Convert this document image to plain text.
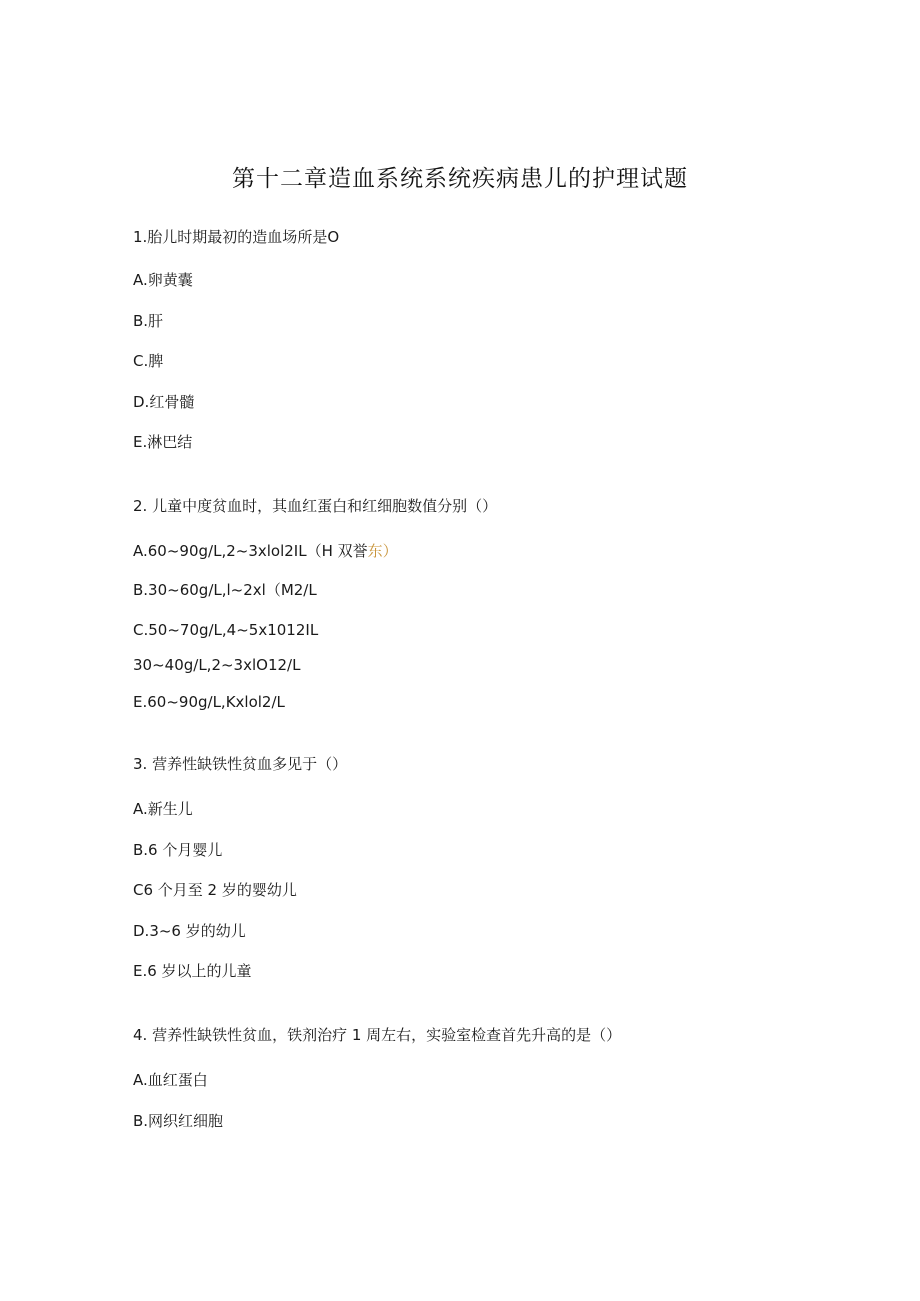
第十二章造血系统系统疾病患儿的护理试题
1.胎儿时期最初的造血场所是O
A.卵黄囊
B.肝
C.脾
D.红骨髓
E.淋巴结
2. 儿童中度贫血时，其血红蛋白和红细胞数值分别（）
A.60~90g∕L,2~3xlol2IL（H 双誉东）
B.30~60g∕L,l~2xl（M2∕L
C.50~70g∕L,4~5x1012IL
30~40g∕L,2~3xlO12∕L
E.60~90g∕L,Kxlol2∕L
3. 营养性缺铁性贫血多见于（）
A.新生儿
B.6 个月婴儿
C6 个月至 2 岁的婴幼儿
D.3~6 岁的幼儿
E.6 岁以上的儿童
4. 营养性缺铁性贫血，铁剂治疗 1 周左右，实验室检查首先升高的是（）
A.血红蛋白
B.网织红细胞
